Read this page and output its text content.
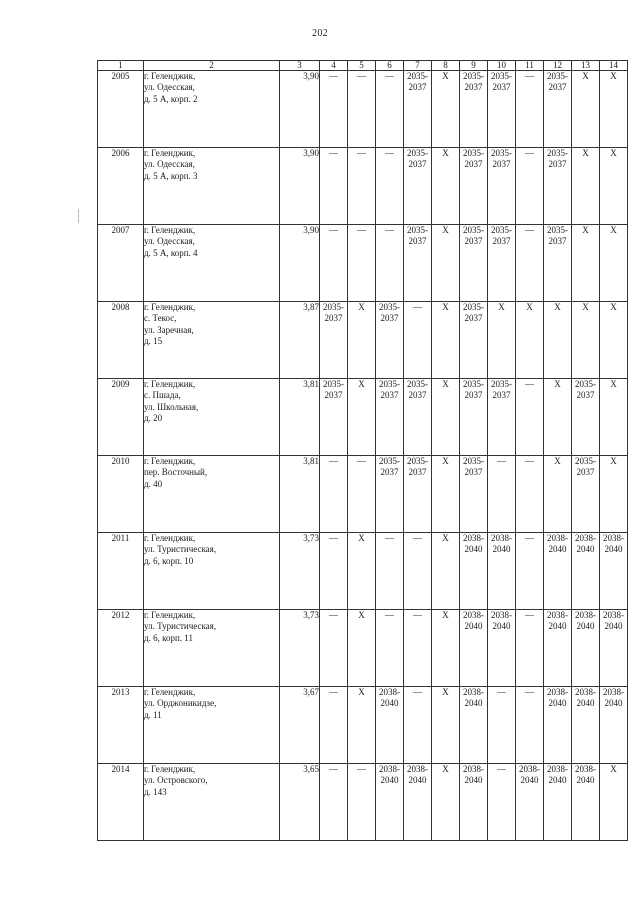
202
1	2	3	4	5	6	7	8	9	10	11	12	13	14
2005	г. Геленджик,
ул. Одесская,
д. 5 А, корп. 2	3,90	—	—	—	2035-
2037	Х	2035-
2037	2035-
2037	—	2035-
2037	Х	Х
2006	г. Геленджик,
ул. Одесская,
д. 5 А, корп. 3	3,90	—	—	—	2035-
2037	Х	2035-
2037	2035-
2037	—	2035-
2037	Х	Х
2007	г. Геленджик,
ул. Одесская,
д. 5 А, корп. 4	3,90	—	—	—	2035-
2037	Х	2035-
2037	2035-
2037	—	2035-
2037	Х	Х
2008	г. Геленджик,
с. Текос,
ул. Заречная,
д. 15	3,87	2035-
2037	Х	2035-
2037	—	Х	2035-
2037	Х	Х	Х	Х	Х
2009	г. Геленджик,
с. Пшада,
ул. Школьная,
д. 20	3,81	2035-
2037	Х	2035-
2037	2035-
2037	Х	2035-
2037	2035-
2037	—	Х	2035-
2037	Х
2010	г. Геленджик,
пер. Восточный,
д. 40	3,81	—	—	2035-
2037	2035-
2037	Х	2035-
2037	—	—	Х	2035-
2037	Х
2011	г. Геленджик,
ул. Туристическая,
д. 6, корп. 10	3,73	—	Х	—	—	Х	2038-
2040	2038-
2040	—	2038-
2040	2038-
2040	2038-
2040
2012	г. Геленджик,
ул. Туристическая,
д. 6, корп. 11	3,73	—	Х	—	—	Х	2038-
2040	2038-
2040	—	2038-
2040	2038-
2040	2038-
2040
2013	г. Геленджик,
ул. Орджоникидзе,
д. 11	3,67	—	Х	2038-
2040	—	Х	2038-
2040	—	—	2038-
2040	2038-
2040	2038-
2040
2014	г. Геленджик,
ул. Островского,
д. 143	3,65	—	—	2038-
2040	2038-
2040	Х	2038-
2040	—	2038-
2040	2038-
2040	2038-
2040	Х
